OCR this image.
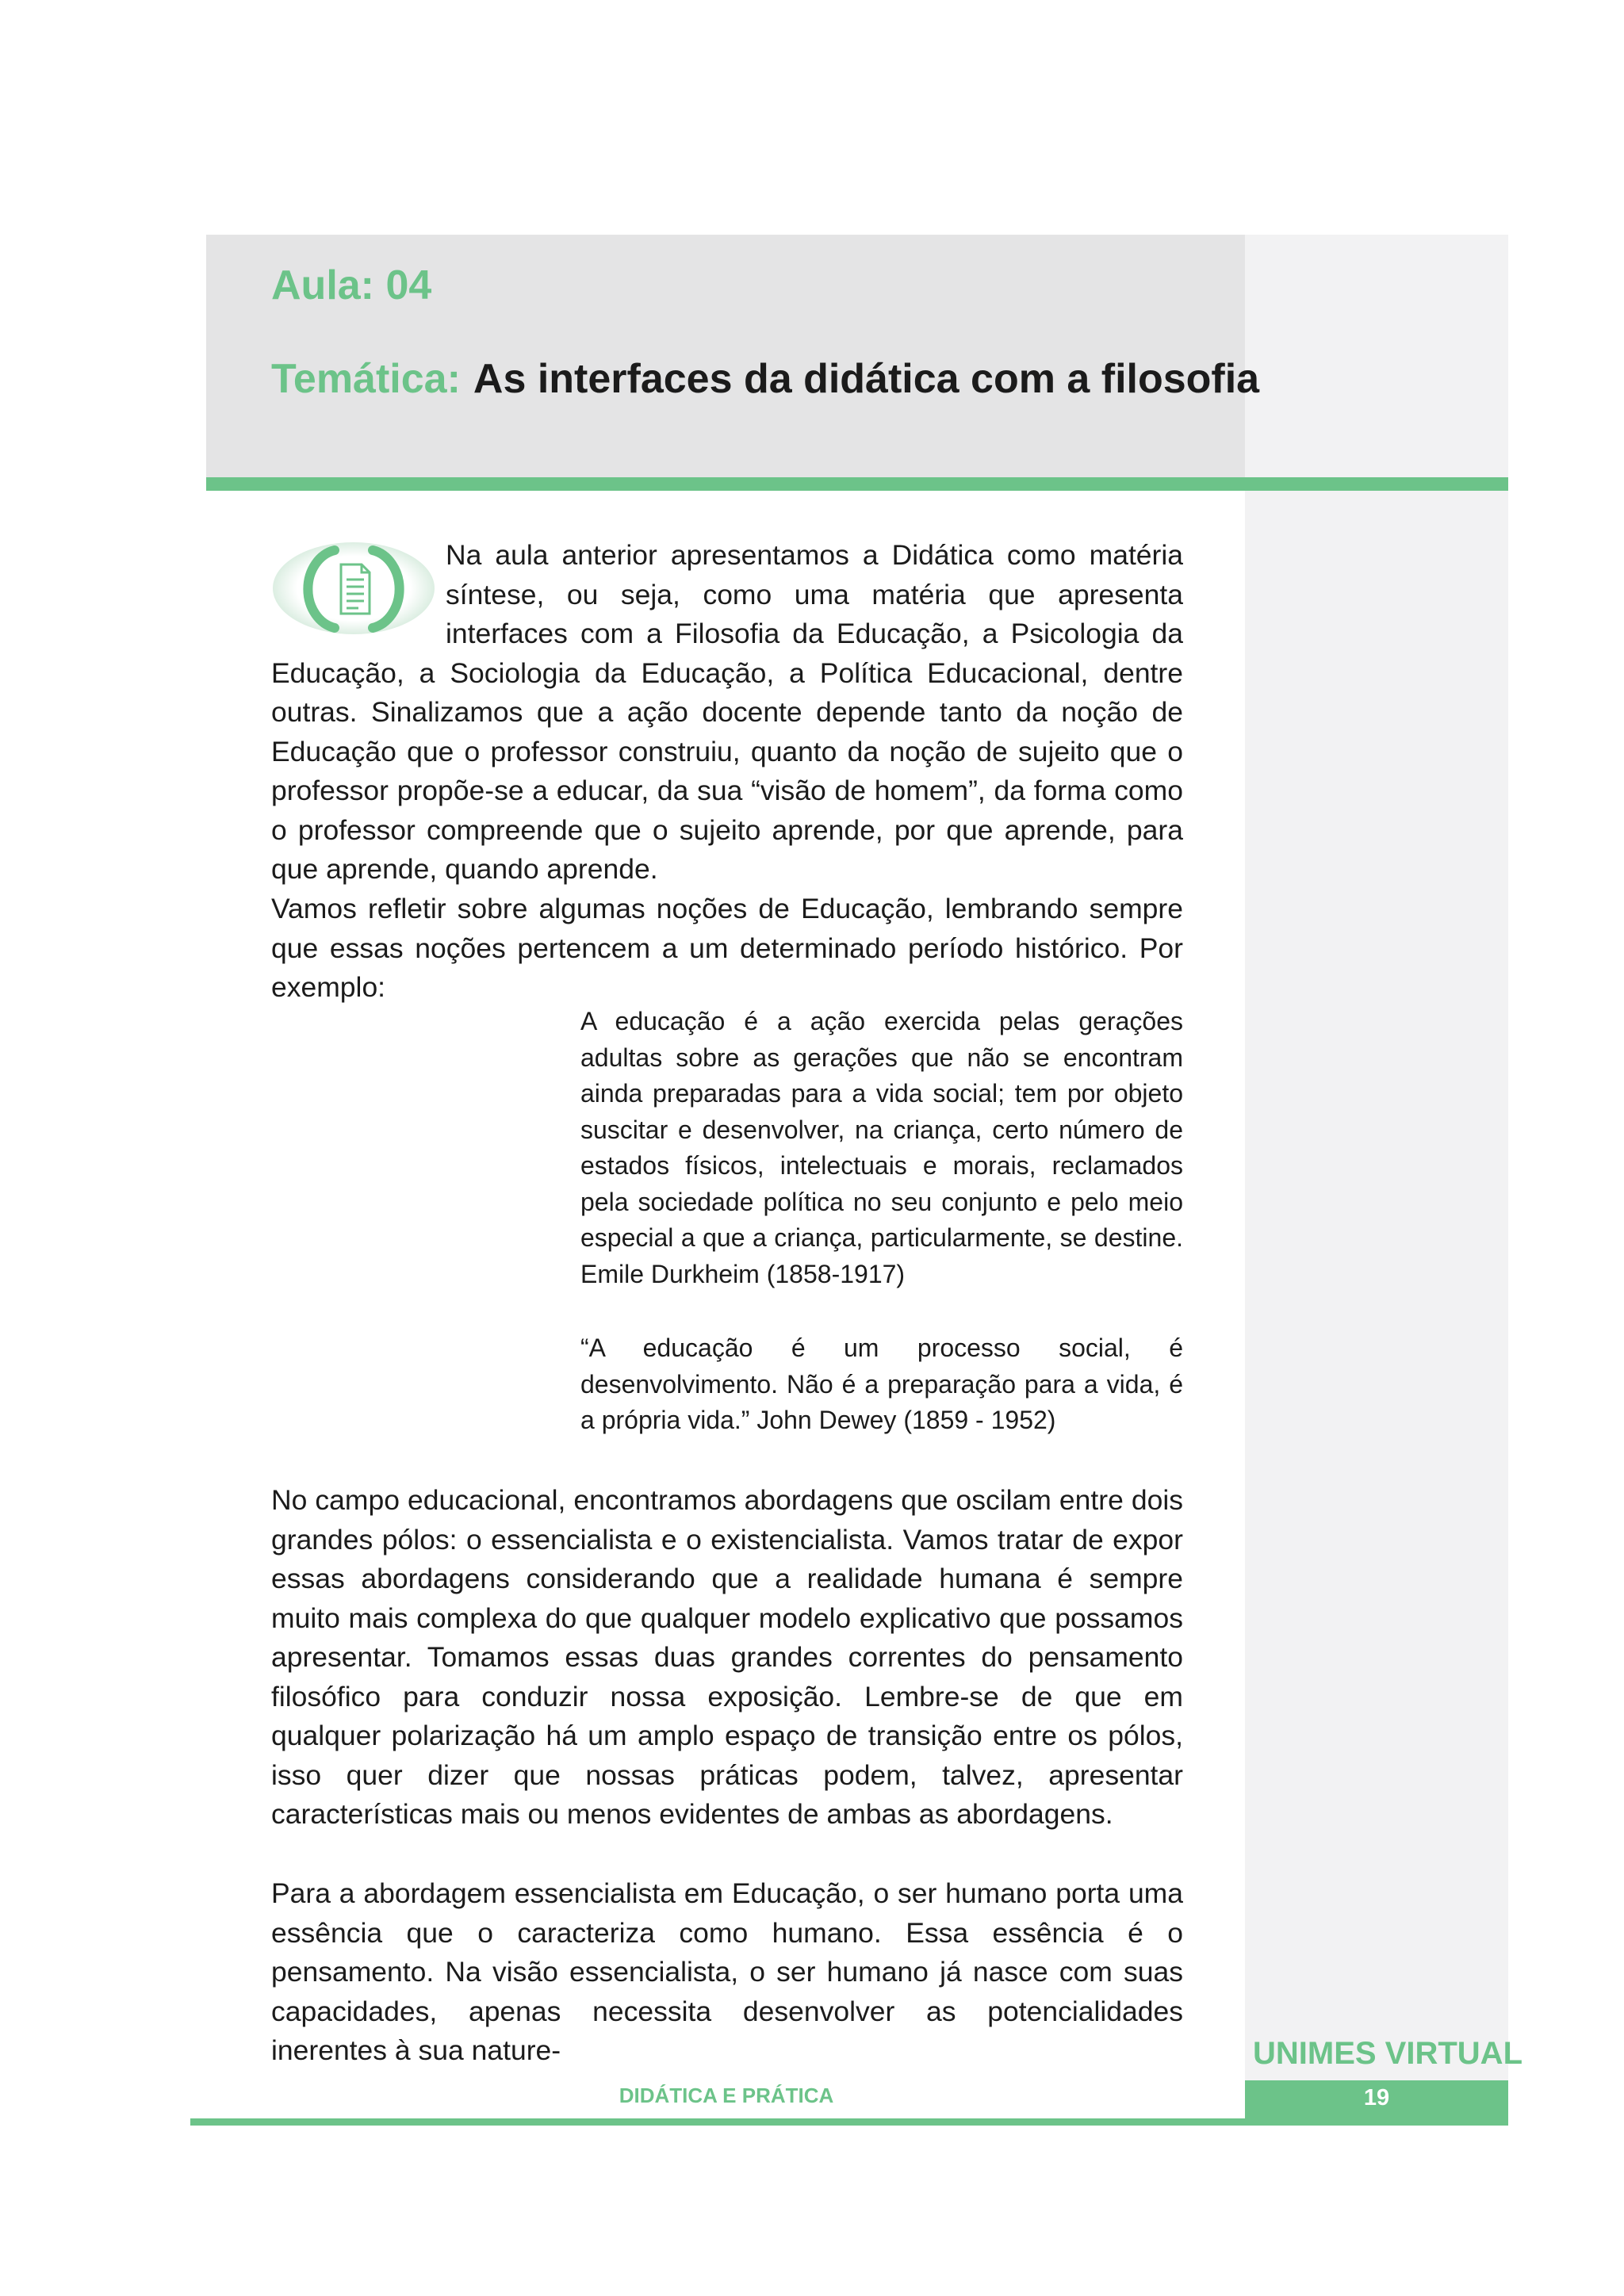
Aula: 04
Temática: As interfaces da didática com a filosofia
Na aula anterior apresentamos a Didática como matéria síntese, ou seja, como uma matéria que apresenta interfaces com a Filosofia da Educação, a Psicologia da Educação, a Sociologia da Educação, a Política Educacional, dentre outras. Sinalizamos que a ação docente depende tanto da noção de Educação que o professor construiu, quanto da noção de sujeito que o professor propõe-se a educar, da sua “visão de homem”, da forma como o professor compreende que o sujeito aprende, por que aprende, para que aprende, quando aprende.

Vamos refletir sobre algumas noções de Educação, lembrando sempre que essas noções pertencem a um determinado período histórico. Por exemplo:

A educação é a ação exercida pelas gerações adultas sobre as gerações que não se encontram ainda preparadas para a vida social; tem por objeto suscitar e desenvolver, na criança, certo número de estados físicos, intelectuais e morais, reclamados pela sociedade política no seu conjunto e pelo meio especial a que a criança, particularmente, se destine. Emile Durkheim (1858-1917)

“A educação é um processo social, é desenvolvimento. Não é a preparação para a vida, é a própria vida.” John Dewey (1859 - 1952)

No campo educacional, encontramos abordagens que oscilam entre dois grandes pólos: o essencialista e o existencialista. Vamos tratar de expor essas abordagens considerando que a realidade humana é sempre muito mais complexa do que qualquer modelo explicativo que possamos apresentar. Tomamos essas duas grandes correntes do pensamento filosófico para conduzir nossa exposição. Lembre-se de que em qualquer polarização há um amplo espaço de transição entre os pólos, isso quer dizer que nossas práticas podem, talvez, apresentar características mais ou menos evidentes de ambas as abordagens.

Para a abordagem essencialista em Educação, o ser humano porta uma essência que o caracteriza como humano. Essa essência é o pensamento. Na visão essencialista, o ser humano já nasce com suas capacidades, apenas necessita desenvolver as potencialidades inerentes à sua nature-	UNIMES VIRTUAL
19
DIDÁTICA E PRÁTICA
